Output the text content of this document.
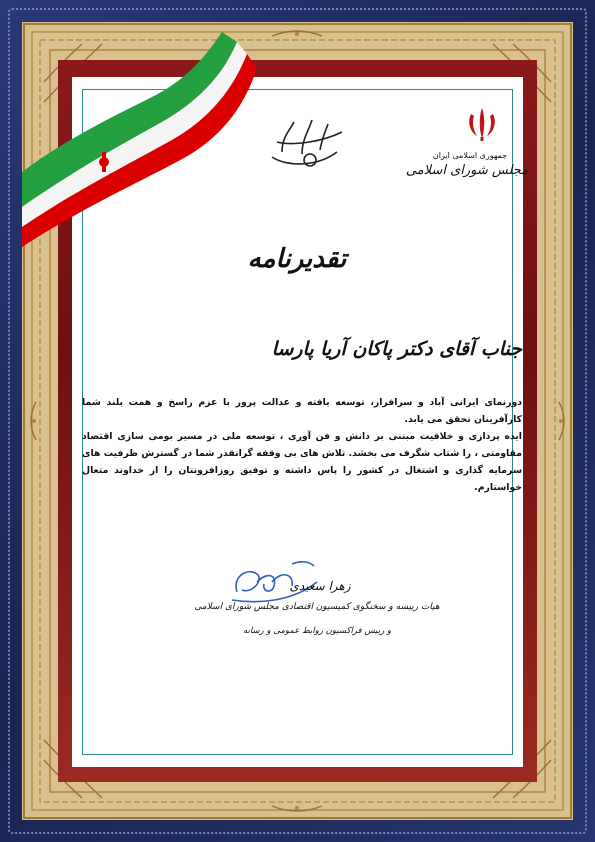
جمهوری اسلامی ایران
مجلس شورای اسلامی
تقدیرنامه
جناب آقای دکتر پاکان آریا پارسا

دورنمای ایرانی آباد و سرافراز، توسعه یافته و عدالت پرور با عزم راسخ و همت بلند شما کارآفرینان تحقق می یابد.

ایده پردازی و خلاقیت مبتنی بر دانش و فن آوری ، توسعه ملی در مسیر بومی سازی اقتصاد مقاومتی ، را شتاب شگرف می بخشد. تلاش های بی وقفه گرانقدر شما در گسترش ظرفیت های سرمایه گذاری و اشتغال در کشور را پاس داشته و توفیق روزافزونتان را از خداوند متعال خواستارم.

زهرا سعیدی
هیات رییسه و سخنگوی کمیسیون اقتصادی مجلس شورای اسلامی
و رییس فراکسیون روابط عمومی و رسانه
